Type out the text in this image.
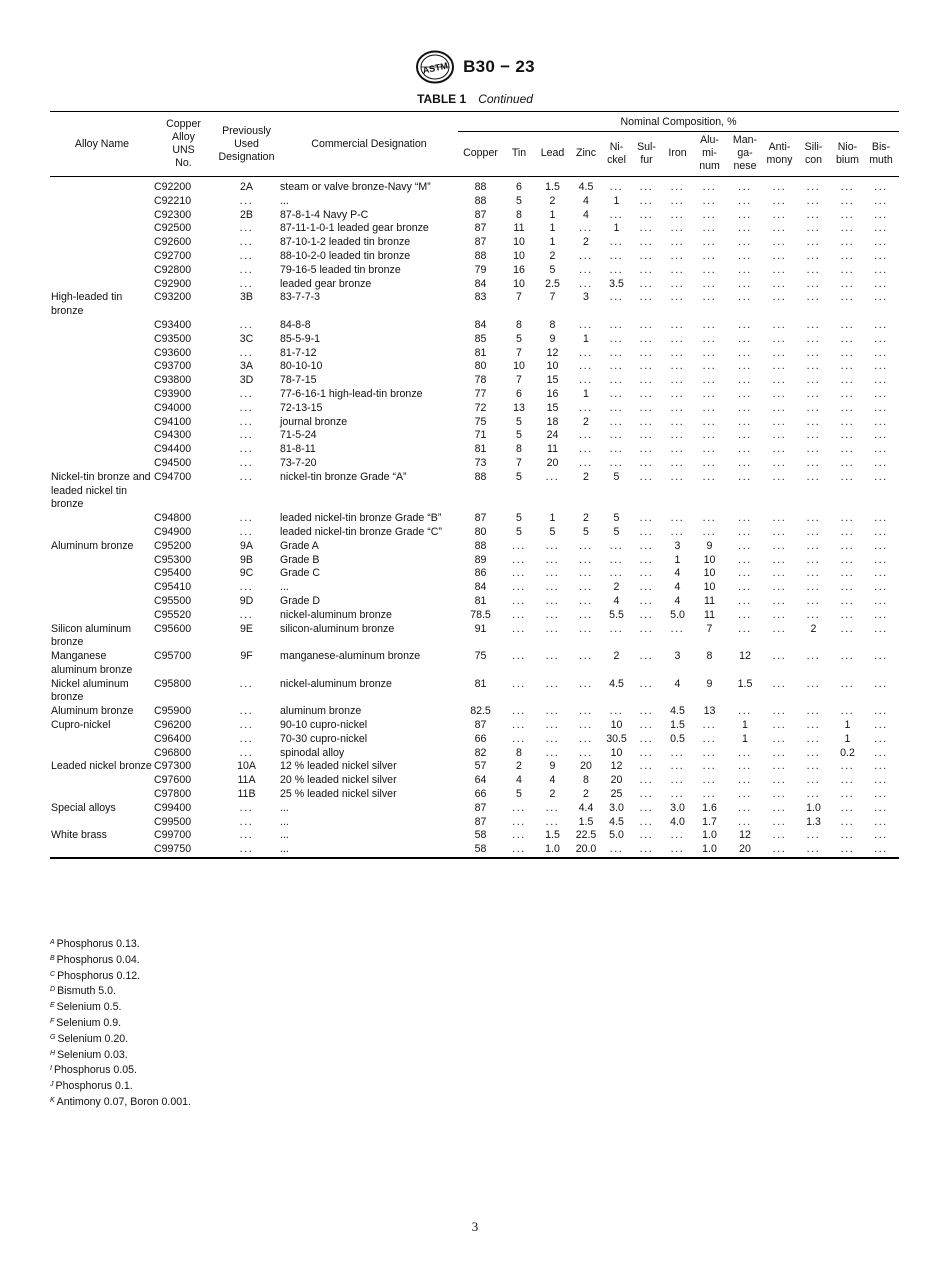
ASTM B30 − 23
TABLE 1 Continued
Alloy Name	Copper
Alloy
UNS
No.	Previously
Used
Designation	Commercial Designation	Nominal Composition, %												
				Copper	Tin	Lead	Zinc	Ni-
ckel	Sul-
fur	Iron	Alu-
mi-
num	Man-
ga-
nese	Anti-
mony	Sili-
con	Nio-
bium	Bis-
muth
	C92200	2A	steam or valve bronze-Navy “M”	88	6	1.5	4.5	...	...	...	...	...	...	...	...	...
	C92210	...	...	88	5	2	4	1	...	...	...	...	...	...	...	...
	C92300	2B	87-8-1-4 Navy P-C	87	8	1	4	...	...	...	...	...	...	...	...	...
	C92500	...	87-11-1-0-1 leaded gear bronze	87	11	1	...	1	...	...	...	...	...	...	...	...
	C92600	...	87-10-1-2 leaded tin bronze	87	10	1	2	...	...	...	...	...	...	...	...	...
	C92700	...	88-10-2-0 leaded tin bronze	88	10	2	...	...	...	...	...	...	...	...	...	...
	C92800	...	79-16-5 leaded tin bronze	79	16	5	...	...	...	...	...	...	...	...	...	...
	C92900	...	leaded gear bronze	84	10	2.5	...	3.5	...	...	...	...	...	...	...	...
High-leaded tin bronze	C93200	3B	83-7-7-3	83	7	7	3	...	...	...	...	...	...	...	...	...
	C93400	...	84-8-8	84	8	8	...	...	...	...	...	...	...	...	...	...
	C93500	3C	85-5-9-1	85	5	9	1	...	...	...	...	...	...	...	...	...
	C93600	...	81-7-12	81	7	12	...	...	...	...	...	...	...	...	...	...
	C93700	3A	80-10-10	80	10	10	...	...	...	...	...	...	...	...	...	...
	C93800	3D	78-7-15	78	7	15	...	...	...	...	...	...	...	...	...	...
	C93900	...	77-6-16-1 high-lead-tin bronze	77	6	16	1	...	...	...	...	...	...	...	...	...
	C94000	...	72-13-15	72	13	15	...	...	...	...	...	...	...	...	...	...
	C94100	...	journal bronze	75	5	18	2	...	...	...	...	...	...	...	...	...
	C94300	...	71-5-24	71	5	24	...	...	...	...	...	...	...	...	...	...
	C94400	...	81-8-11	81	8	11	...	...	...	...	...	...	...	...	...	...
	C94500	...	73-7-20	73	7	20	...	...	...	...	...	...	...	...	...	...
Nickel-tin bronze and leaded nickel tin bronze	C94700	...	nickel-tin bronze Grade “A”	88	5	...	2	5	...	...	...	...	...	...	...	...
	C94800	...	leaded nickel-tin bronze Grade “B”	87	5	1	2	5	...	...	...	...	...	...	...	...
	C94900	...	leaded nickel-tin bronze Grade “C”	80	5	5	5	5	...	...	...	...	...	...	...	...
Aluminum bronze	C95200	9A	Grade A	88	...	...	...	...	...	3	9	...	...	...	...	...
	C95300	9B	Grade B	89	...	...	...	...	...	1	10	...	...	...	...	...
	C95400	9C	Grade C	86	...	...	...	...	...	4	10	...	...	...	...	...
	C95410	...	...	84	...	...	...	2	...	4	10	...	...	...	...	...
	C95500	9D	Grade D	81	...	...	...	4	...	4	11	...	...	...	...	...
	C95520	...	nickel-aluminum bronze	78.5	...	...	...	5.5	...	5.0	11	...	...	...	...	...
Silicon aluminum bronze	C95600	9E	silicon-aluminum bronze	91	...	...	...	...	...	...	7	...	...	2	...	...
Manganese aluminum bronze	C95700	9F	manganese-aluminum bronze	75	...	...	...	2	...	3	8	12	...	...	...	...
Nickel aluminum bronze	C95800	...	nickel-aluminum bronze	81	...	...	...	4.5	...	4	9	1.5	...	...	...	...
Aluminum bronze	C95900	...	aluminum bronze	82.5	...	...	...	...	...	4.5	13	...	...	...	...	...
Cupro-nickel	C96200	...	90-10 cupro-nickel	87	...	...	...	10	...	1.5	...	1	...	...	1	...
	C96400	...	70-30 cupro-nickel	66	...	...	...	30.5	...	0.5	...	1	...	...	1	...
	C96800	...	spinodal alloy	82	8	...	...	10	...	...	...	...	...	...	0.2	...
Leaded nickel bronze	C97300	10A	12 % leaded nickel silver	57	2	9	20	12	...	...	...	...	...	...	...	...
	C97600	11A	20 % leaded nickel silver	64	4	4	8	20	...	...	...	...	...	...	...	...
	C97800	11B	25 % leaded nickel silver	66	5	2	2	25	...	...	...	...	...	...	...	...
Special alloys	C99400	...	...	87	...	...	4.4	3.0	...	3.0	1.6	...	...	1.0	...	...
	C99500	...	...	87	...	...	1.5	4.5	...	4.0	1.7	...	...	1.3	...	...
White brass	C99700	...	...	58	...	1.5	22.5	5.0	...	...	1.0	12	...	...	...	...
	C99750	...	...	58	...	1.0	20.0	...	...	...	1.0	20	...	...	...	...
$^A$ Phosphorus 0.13.
$^B$ Phosphorus 0.04.
$^C$ Phosphorus 0.12.
$^D$ Bismuth 5.0.
$^E$ Selenium 0.5.
$^F$ Selenium 0.9.
$^G$ Selenium 0.20.
$^H$ Selenium 0.03.
$^I$ Phosphorus 0.05.
$^J$ Phosphorus 0.1.
$^K$ Antimony 0.07, Boron 0.001.
3
